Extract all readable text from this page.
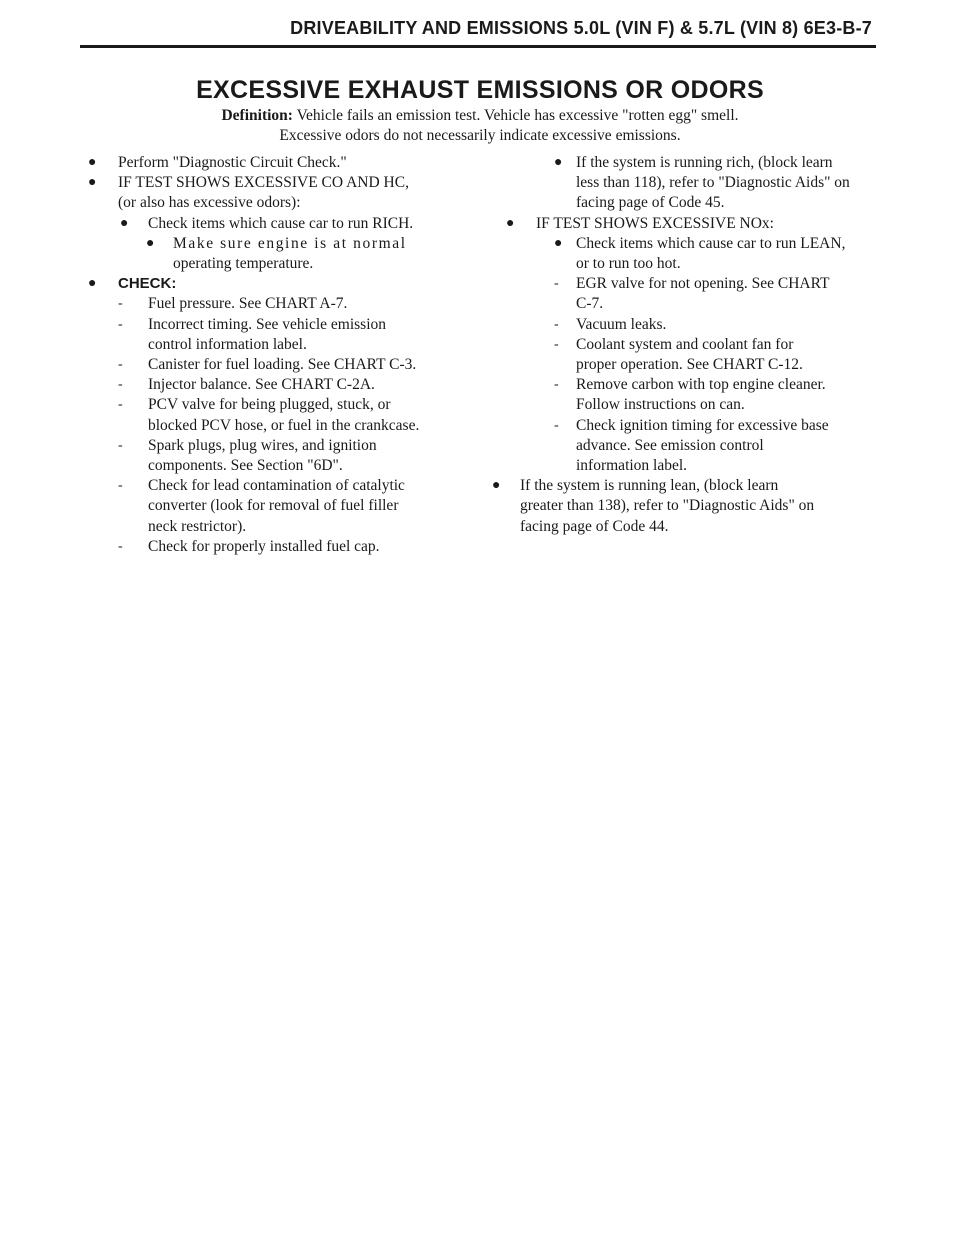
DRIVEABILITY AND EMISSIONS 5.0L (VIN F) & 5.7L (VIN 8) 6E3-B-7
EXCESSIVE EXHAUST EMISSIONS OR ODORS
Definition: Vehicle fails an emission test. Vehicle has excessive "rotten egg" smell.
Excessive odors do not necessarily indicate excessive emissions.
● Perform "Diagnostic Circuit Check."
● IF TEST SHOWS EXCESSIVE CO AND HC,
(or also has excessive odors):
● Check items which cause car to run RICH.
● Make sure engine is at normal
operating temperature.
● CHECK:
- Fuel pressure. See CHART A-7.
- Incorrect timing. See vehicle emission
control information label.
- Canister for fuel loading. See CHART C-3.
- Injector balance. See CHART C-2A.
- PCV valve for being plugged, stuck, or
blocked PCV hose, or fuel in the crankcase.
- Spark plugs, plug wires, and ignition
components. See Section "6D".
- Check for lead contamination of catalytic
converter (look for removal of fuel filler
neck restrictor).
- Check for properly installed fuel cap.
● If the system is running rich, (block learn
less than 118), refer to "Diagnostic Aids" on
facing page of Code 45.
● IF TEST SHOWS EXCESSIVE NOx:
● Check items which cause car to run LEAN,
or to run too hot.
- EGR valve for not opening. See CHART
C-7.
- Vacuum leaks.
- Coolant system and coolant fan for
proper operation. See CHART C-12.
- Remove carbon with top engine cleaner.
Follow instructions on can.
- Check ignition timing for excessive base
advance. See emission control
information label.
● If the system is running lean, (block learn
greater than 138), refer to "Diagnostic Aids" on
facing page of Code 44.
